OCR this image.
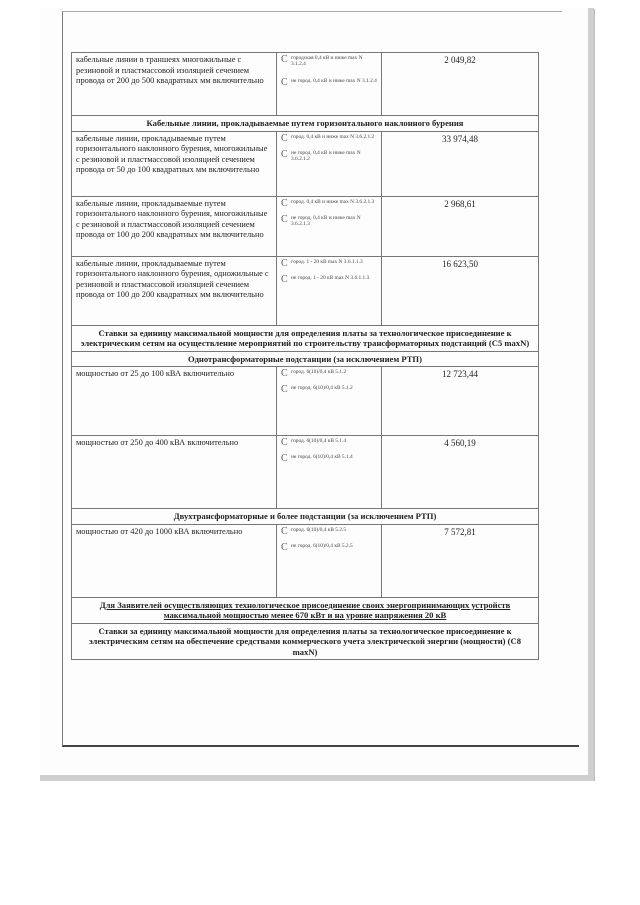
кабельные линии в траншеях многожильные с резиновой и пластмассовой изоляцией сечением провода от 200 до 500 квадратных мм включительно	C городская 0,4 кВ и ниже max N 3.1.2.4
C не город. 0,4 кВ и ниже max N 3.1.2.4	2 049,82
Кабельные линии, прокладываемые путем горизонтального наклонного бурения		
кабельные линии, прокладываемые путем горизонтального наклонного бурения, многожильные с резиновой и пластмассовой изоляцией сечением провода от 50 до 100 квадратных мм включительно	C город. 0,4 кВ и ниже max N 3.6.2.1.2
C не город. 0,4 кВ и ниже max N 3.6.2.1.2	33 974,48
кабельные линии, прокладываемые путем горизонтального наклонного бурения, многожильные с резиновой и пластмассовой изоляцией сечением провода от 100 до 200 квадратных мм включительно	C город. 0,4 кВ и ниже max N 3.6.2.1.3
C не город. 0,4 кВ и ниже max N 3.6.2.1.3	2 968,61
кабельные линии, прокладываемые путем горизонтального наклонного бурения, одножильные с резиновой и пластмассовой изоляцией сечением провода от 100 до 200 квадратных мм включительно	C город. 1 - 20 кВ max N 3.6.1.1.3
C не город. 1 - 20 кВ max N 3.6.1.1.3	16 623,50
Ставки за единицу максимальной мощности для определения платы за технологическое присоединение к электрическим сетям на осуществление мероприятий по строительству трансформаторных подстанций (С5 maxN)		
Однотрансформаторные подстанции (за исключением РТП)		
мощностью от 25 до 100 кВА включительно	C город. 6(10)/0,4 кВ 5.1.2
C не город. 6(10)/0,4 кВ 5.1.2	12 723,44
мощностью от 250 до 400 кВА включительно	C город. 6(10)/0,4 кВ 5.1.4
C не город. 6(10)/0,4 кВ 5.1.4	4 560,19
Двухтрансформаторные и более подстанции (за исключением РТП)		
мощностью от 420 до 1000 кВА включительно	C город. 6(10)/0,4 кВ 5.2.5
C не город. 6(10)/0,4 кВ 5.2.5	7 572,81
Для Заявителей осуществляющих технологическое присоединение своих энергопринимающих устройств максимальной мощностью менее 670 кВт и на уровне напряжения 20 кВ		
Ставки за единицу максимальной мощности для определения платы за технологическое присоединение к электрическим сетям на обеспечение средствами коммерческого учета электрической энергии (мощности) (С8 maxN)		
